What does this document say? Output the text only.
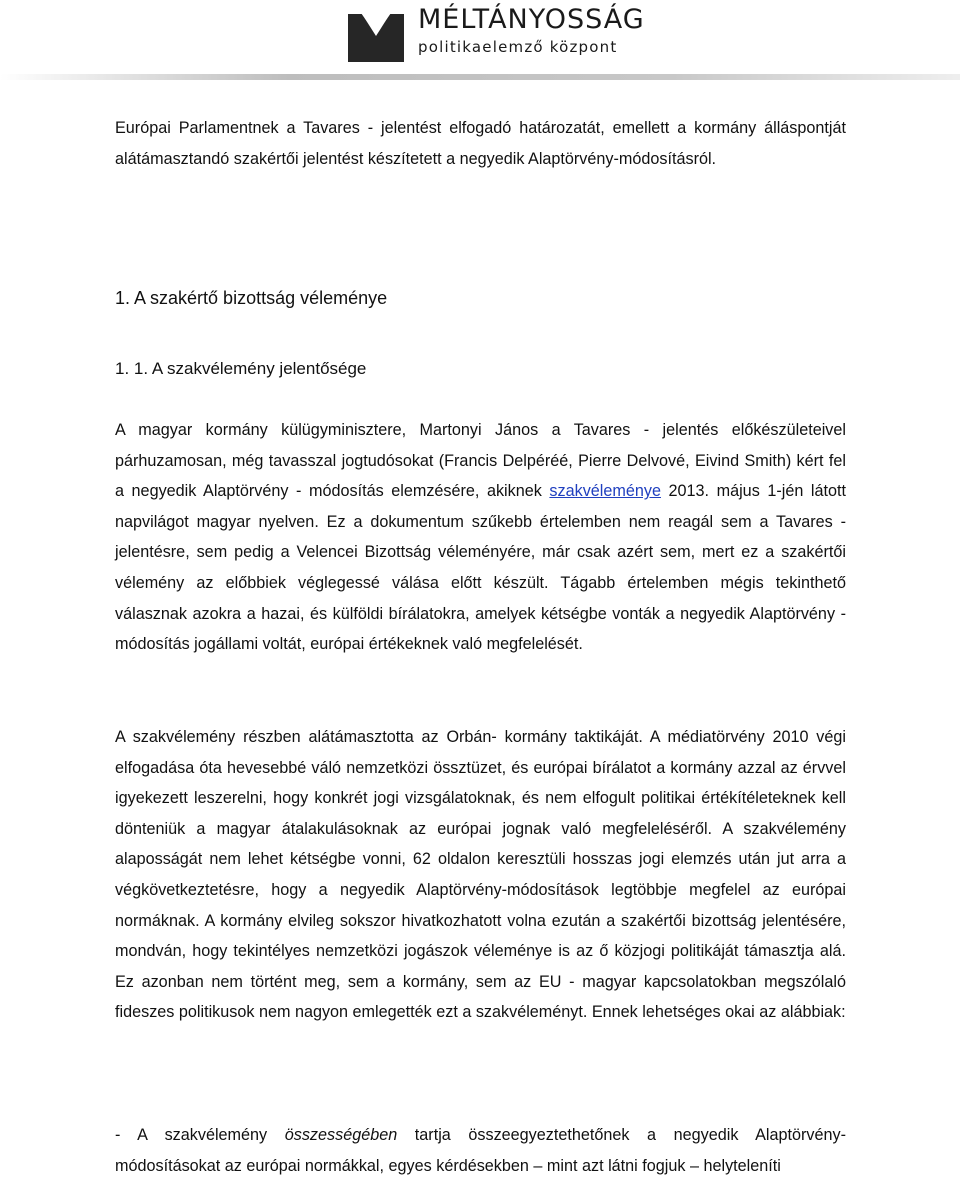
MÉLTÁNYOSSÁG
politikaelemző központ

Európai Parlamentnek a Tavares - jelentést elfogadó határozatát, emellett a kormány álláspontját alátámasztandó szakértői jelentést készítetett a negyedik Alaptörvény-módosításról.

1. A szakértő bizottság véleménye
1. 1. A szakvélemény jelentősége

A magyar kormány külügyminisztere, Martonyi János a Tavares - jelentés előkészületeivel párhuzamosan, még tavasszal jogtudósokat (Francis Delpéréé, Pierre Delvové, Eivind Smith) kért fel a negyedik Alaptörvény - módosítás elemzésére, akiknek szakvéleménye 2013. május 1-jén látott napvilágot magyar nyelven. Ez a dokumentum szűkebb értelemben nem reagál sem a Tavares - jelentésre, sem pedig a Velencei Bizottság véleményére, már csak azért sem, mert ez a szakértői vélemény az előbbiek véglegessé válása előtt készült. Tágabb értelemben mégis tekinthető válasznak azokra a hazai, és külföldi bírálatokra, amelyek kétségbe vonták a negyedik Alaptörvény - módosítás jogállami voltát, európai értékeknek való megfelelését.

A szakvélemény részben alátámasztotta az Orbán- kormány taktikáját. A médiatörvény 2010 végi elfogadása óta hevesebbé váló nemzetközi össztüzet, és európai bírálatot a kormány azzal az érvvel igyekezett leszerelni, hogy konkrét jogi vizsgálatoknak, és nem elfogult politikai értékítéleteknek kell dönteniük a magyar átalakulásoknak az európai jognak való megfeleléséről. A szakvélemény alaposságát nem lehet kétségbe vonni, 62 oldalon keresztüli hosszas jogi elemzés után jut arra a végkövetkeztetésre, hogy a negyedik Alaptörvény-módosítások legtöbbje megfelel az európai normáknak. A kormány elvileg sokszor hivatkozhatott volna ezután a szakértői bizottság jelentésére, mondván, hogy tekintélyes nemzetközi jogászok véleménye is az ő közjogi politikáját támasztja alá. Ez azonban nem történt meg, sem a kormány, sem az EU - magyar kapcsolatokban megszólaló fideszes politikusok nem nagyon emlegették ezt a szakvéleményt. Ennek lehetséges okai az alábbiak:

- A szakvélemény összességében tartja összeegyeztethetőnek a negyedik Alaptörvény-módosításokat az európai normákkal, egyes kérdésekben – mint azt látni fogjuk – helyteleníti
